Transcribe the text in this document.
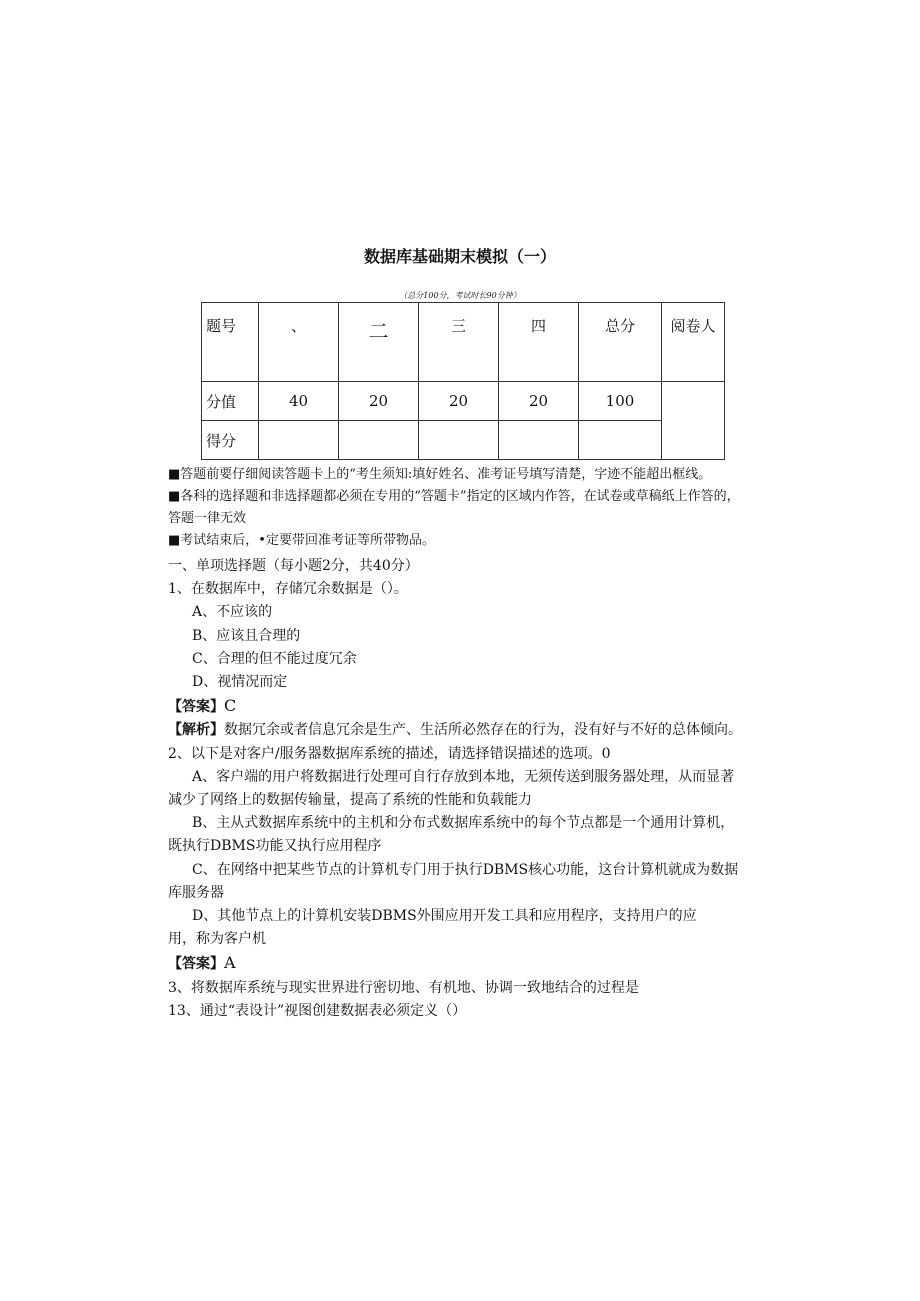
数据库基础期末模拟（一）
（总分100分，考试时长90分钟）
题号	、	二	三	四	总分	阅卷人
分值	40	20	20	20	100	
得分						

■答题前要仔细阅读答题卡上的“考生须知:填好姓名、准考证号填写清楚，字迹不能超出框线。

■各科的选择题和非选择题都必须在专用的“答题卡”指定的区域内作答，在试卷或草稿纸上作答的，答题一律无效

■考试结束后，•定要带回准考证等所带物品。

一、单项选择题（每小题2分，共40分）

1、在数据库中，存储冗余数据是（）。

A、不应该的

B、应该且合理的

C、合理的但不能过度冗余

D、视情况而定

【答案】C

【解析】数据冗余或者信息冗余是生产、生活所必然存在的行为，没有好与不好的总体倾向。

2、以下是对客户/服务器数据库系统的描述，请选择错误描述的选项。0

A、客户端的用户将数据进行处理可自行存放到本地，无须传送到服务器处理，从而显著减少了网络上的数据传输量，提高了系统的性能和负载能力

B、主从式数据库系统中的主机和分布式数据库系统中的每个节点都是一个通用计算机，既执行DBMS功能又执行应用程序

C、在网络中把某些节点的计算机专门用于执行DBMS核心功能，这台计算机就成为数据库服务器

D、其他节点上的计算机安装DBMS外围应用开发工具和应用程序，支持用户的应

用，称为客户机

【答案】A

3、将数据库系统与现实世界进行密切地、有机地、协调一致地结合的过程是

13、通过“表设计”视图创建数据表必须定义（）
